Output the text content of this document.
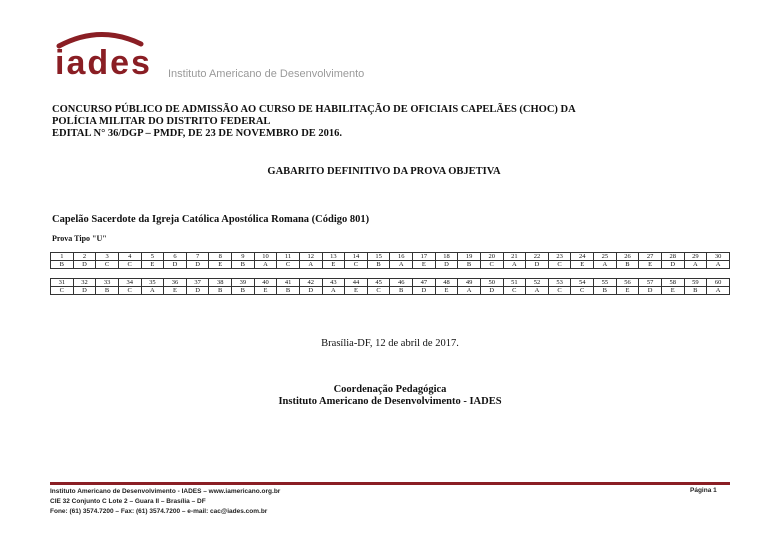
iades Instituto Americano de Desenvolvimento
CONCURSO PÚBLICO DE ADMISSÃO AO CURSO DE HABILITAÇÃO DE OFICIAIS CAPELÃES (CHOC) DA
POLÍCIA MILITAR DO DISTRITO FEDERAL
EDITAL N° 36/DGP – PMDF, DE 23 DE NOVEMBRO DE 2016.
GABARITO DEFINITIVO DA PROVA OBJETIVA
Capelão Sacerdote da Igreja Católica Apostólica Romana (Código 801)
Prova Tipo "U"
1	2	3	4	5	6	7	8	9	10	11	12	13	14	15	16	17	18	19	20	21	22	23	24	25	26	27	28	29	30
B	D	C	C	E	D	D	E	B	A	C	A	E	C	B	A	E	D	B	C	A	D	C	E	A	B	E	D	A	A
31	32	33	34	35	36	37	38	39	40	41	42	43	44	45	46	47	48	49	50	51	52	53	54	55	56	57	58	59	60
C	D	B	C	A	E	D	B	B	E	B	D	A	E	C	B	D	E	A	D	C	A	C	C	B	E	D	E	B	A
Brasília-DF, 12 de abril de 2017.
Coordenação Pedagógica
Instituto Americano de Desenvolvimento - IADES
Instituto Americano de Desenvolvimento - IADES – www.iamericano.org.br
CIE 32 Conjunto C Lote 2 – Guara II – Brasília – DF
Fone: (61) 3574.7200 – Fax: (61) 3574.7200 – e-mail: cac@iades.com.br
Página 1
